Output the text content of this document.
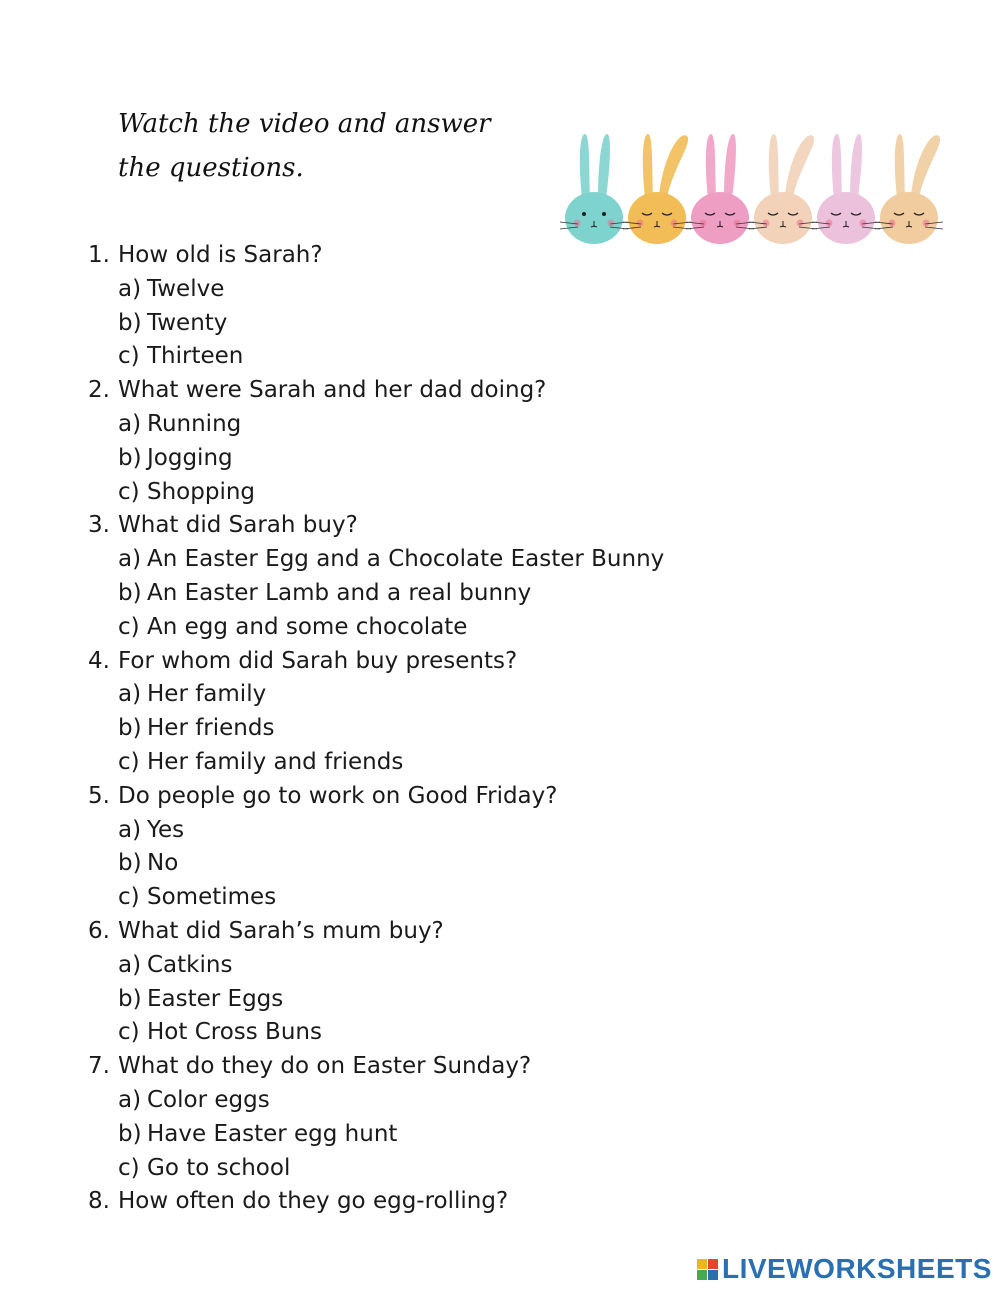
Watch the video and answer
the questions.
1. How old is Sarah?
a) Twelve
b) Twenty
c) Thirteen
2. What were Sarah and her dad doing?
a) Running
b) Jogging
c) Shopping
3. What did Sarah buy?
a) An Easter Egg and a Chocolate Easter Bunny
b) An Easter Lamb and a real bunny
c) An egg and some chocolate
4. For whom did Sarah buy presents?
a) Her family
b) Her friends
c) Her family and friends
5. Do people go to work on Good Friday?
a) Yes
b) No
c) Sometimes
6. What did Sarah’s mum buy?
a) Catkins
b) Easter Eggs
c) Hot Cross Buns
7. What do they do on Easter Sunday?
a) Color eggs
b) Have Easter egg hunt
c) Go to school
8. How often do they go egg-rolling?
LIVEWORKSHEETS
